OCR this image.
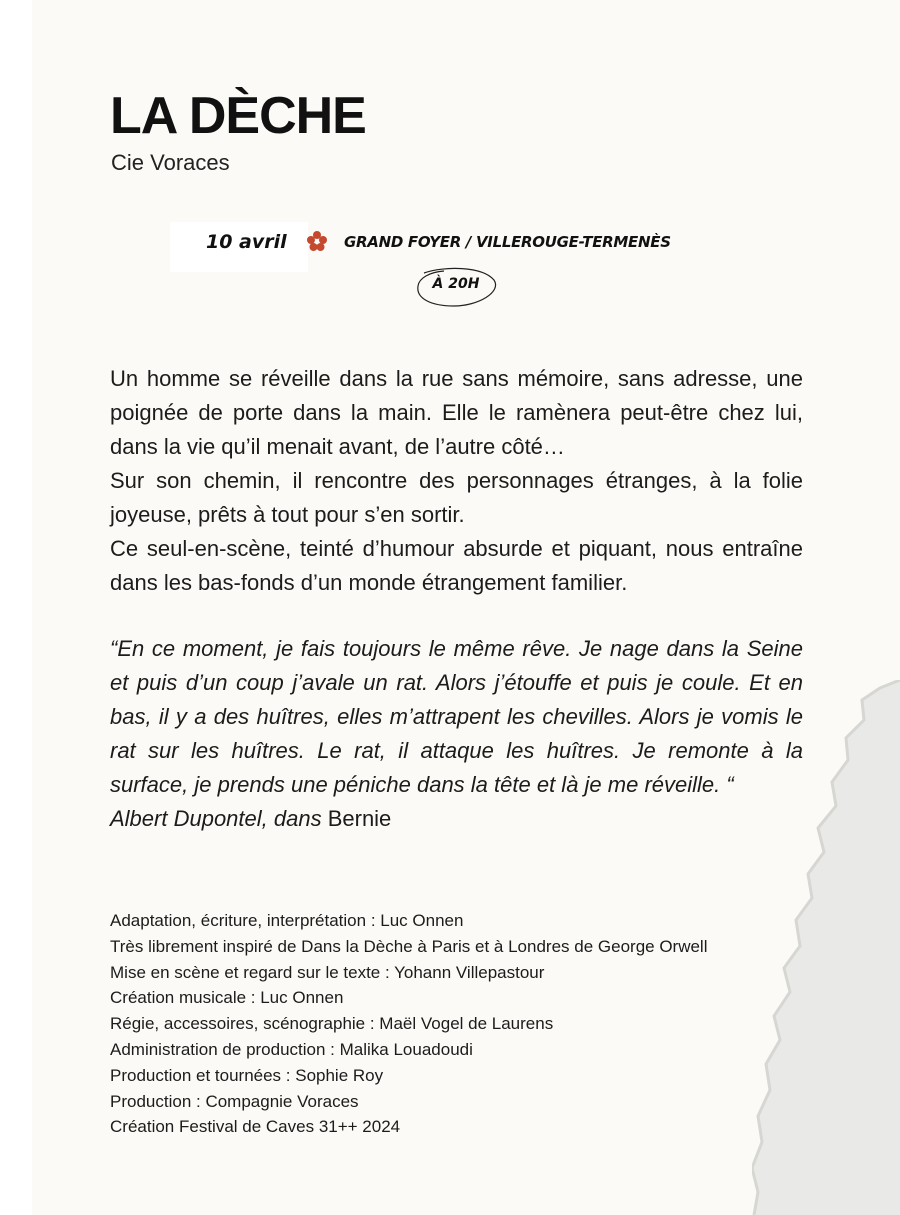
LA DÈCHE
Cie Voraces
10 avril	GRAND FOYER / VILLEROUGE-TERMENÈS
À 20H

Un homme se réveille dans la rue sans mémoire, sans adresse, une poignée de porte dans la main. Elle le ramènera peut-être chez lui, dans la vie qu’il menait avant, de l’autre côté…

Sur son chemin, il rencontre des personnages étranges, à la folie joyeuse, prêts à tout pour s’en sortir.

Ce seul-en-scène, teinté d’humour absurde et piquant, nous entraîne dans les bas-fonds d’un monde étrangement familier.

“En ce moment, je fais toujours le même rêve. Je nage dans la Seine et puis d’un coup j’avale un rat. Alors j’étouffe et puis je coule. Et en bas, il y a des huîtres, elles m’attrapent les chevilles. Alors je vomis le rat sur les huîtres. Le rat, il attaque les huîtres. Je remonte à la surface, je prends une péniche dans la tête et là je me réveille. “

Albert Dupontel, dans Bernie

Adaptation, écriture, interprétation : Luc Onnen
Très librement inspiré de Dans la Dèche à Paris et à Londres de George Orwell
Mise en scène et regard sur le texte : Yohann Villepastour
Création musicale : Luc Onnen
Régie, accessoires, scénographie : Maël Vogel de Laurens
Administration de production : Malika Louadoudi
Production et tournées : Sophie Roy
Production : Compagnie Voraces
Création Festival de Caves 31++ 2024
